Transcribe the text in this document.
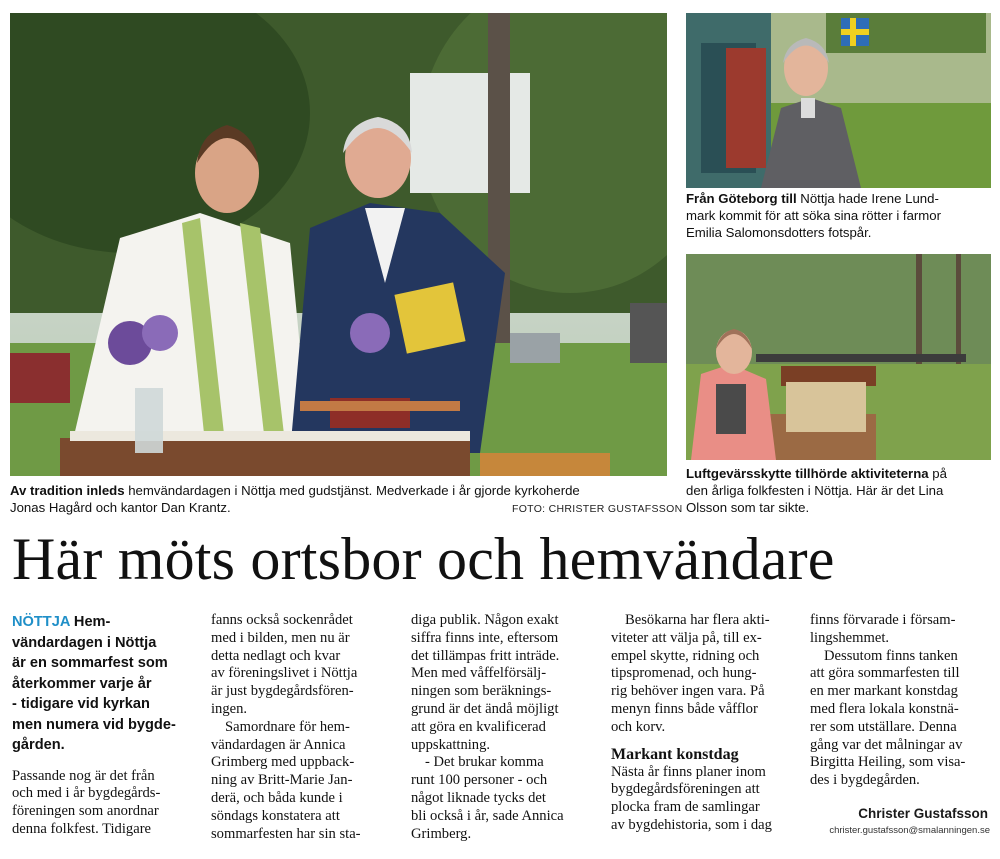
Av tradition inleds hemvändardagen i Nöttja med gudstjänst. Medverkade i år gjorde kyrkoherde
Jonas Hagård och kantor Dan Krantz.	FOTO: CHRISTER GUSTAFSSON
Från Göteborg till Nöttja hade Irene Lund-
mark kommit för att söka sina rötter i farmor
Emilia Salomonsdotters fotspår.
Luftgevärsskytte tillhörde aktiviteterna på
den årliga folkfesten i Nöttja. Här är det Lina
Olsson som tar sikte.
Här möts ortsbor och hemvändare
NÖTTJA Hem-
vändardagen i Nöttja
är en sommarfest som
återkommer varje år
- tidigare vid kyrkan
men numera vid bygde-
gården.
Passande nog är det från
och med i år bygdegårds-
föreningen som anordnar
denna folkfest. Tidigare
fanns också sockenrådet
med i bilden, men nu är
detta nedlagt och kvar
av föreningslivet i Nöttja
är just bygdegårdsfören-
ingen.
Samordnare för hem-
vändardagen är Annica
Grimberg med uppback-
ning av Britt-Marie Jan-
derä, och båda kunde i
söndags konstatera att
sommarfesten har sin sta-
diga publik. Någon exakt
siffra finns inte, eftersom
det tillämpas fritt inträde.
Men med våffelförsälj-
ningen som beräknings-
grund är det ändå möjligt
att göra en kvalificerad
uppskattning.
- Det brukar komma
runt 100 personer - och
något liknade tycks det
bli också i år, sade Annica
Grimberg.
Besökarna har flera akti-
viteter att välja på, till ex-
empel skytte, ridning och
tipspromenad, och hung-
rig behöver ingen vara. På
menyn finns både våfflor
och korv.
Markant konstdag
Nästa år finns planer inom
bygdegårdsföreningen att
plocka fram de samlingar
av bygdehistoria, som i dag
finns förvarade i försam-
lingshemmet.
Dessutom finns tanken
att göra sommarfesten till
en mer markant konstdag
med flera lokala konstnä-
rer som utställare. Denna
gång var det målningar av
Birgitta Heiling, som visa-
des i bygdegården.
Christer Gustafsson
christer.gustafsson@smalanningen.se
